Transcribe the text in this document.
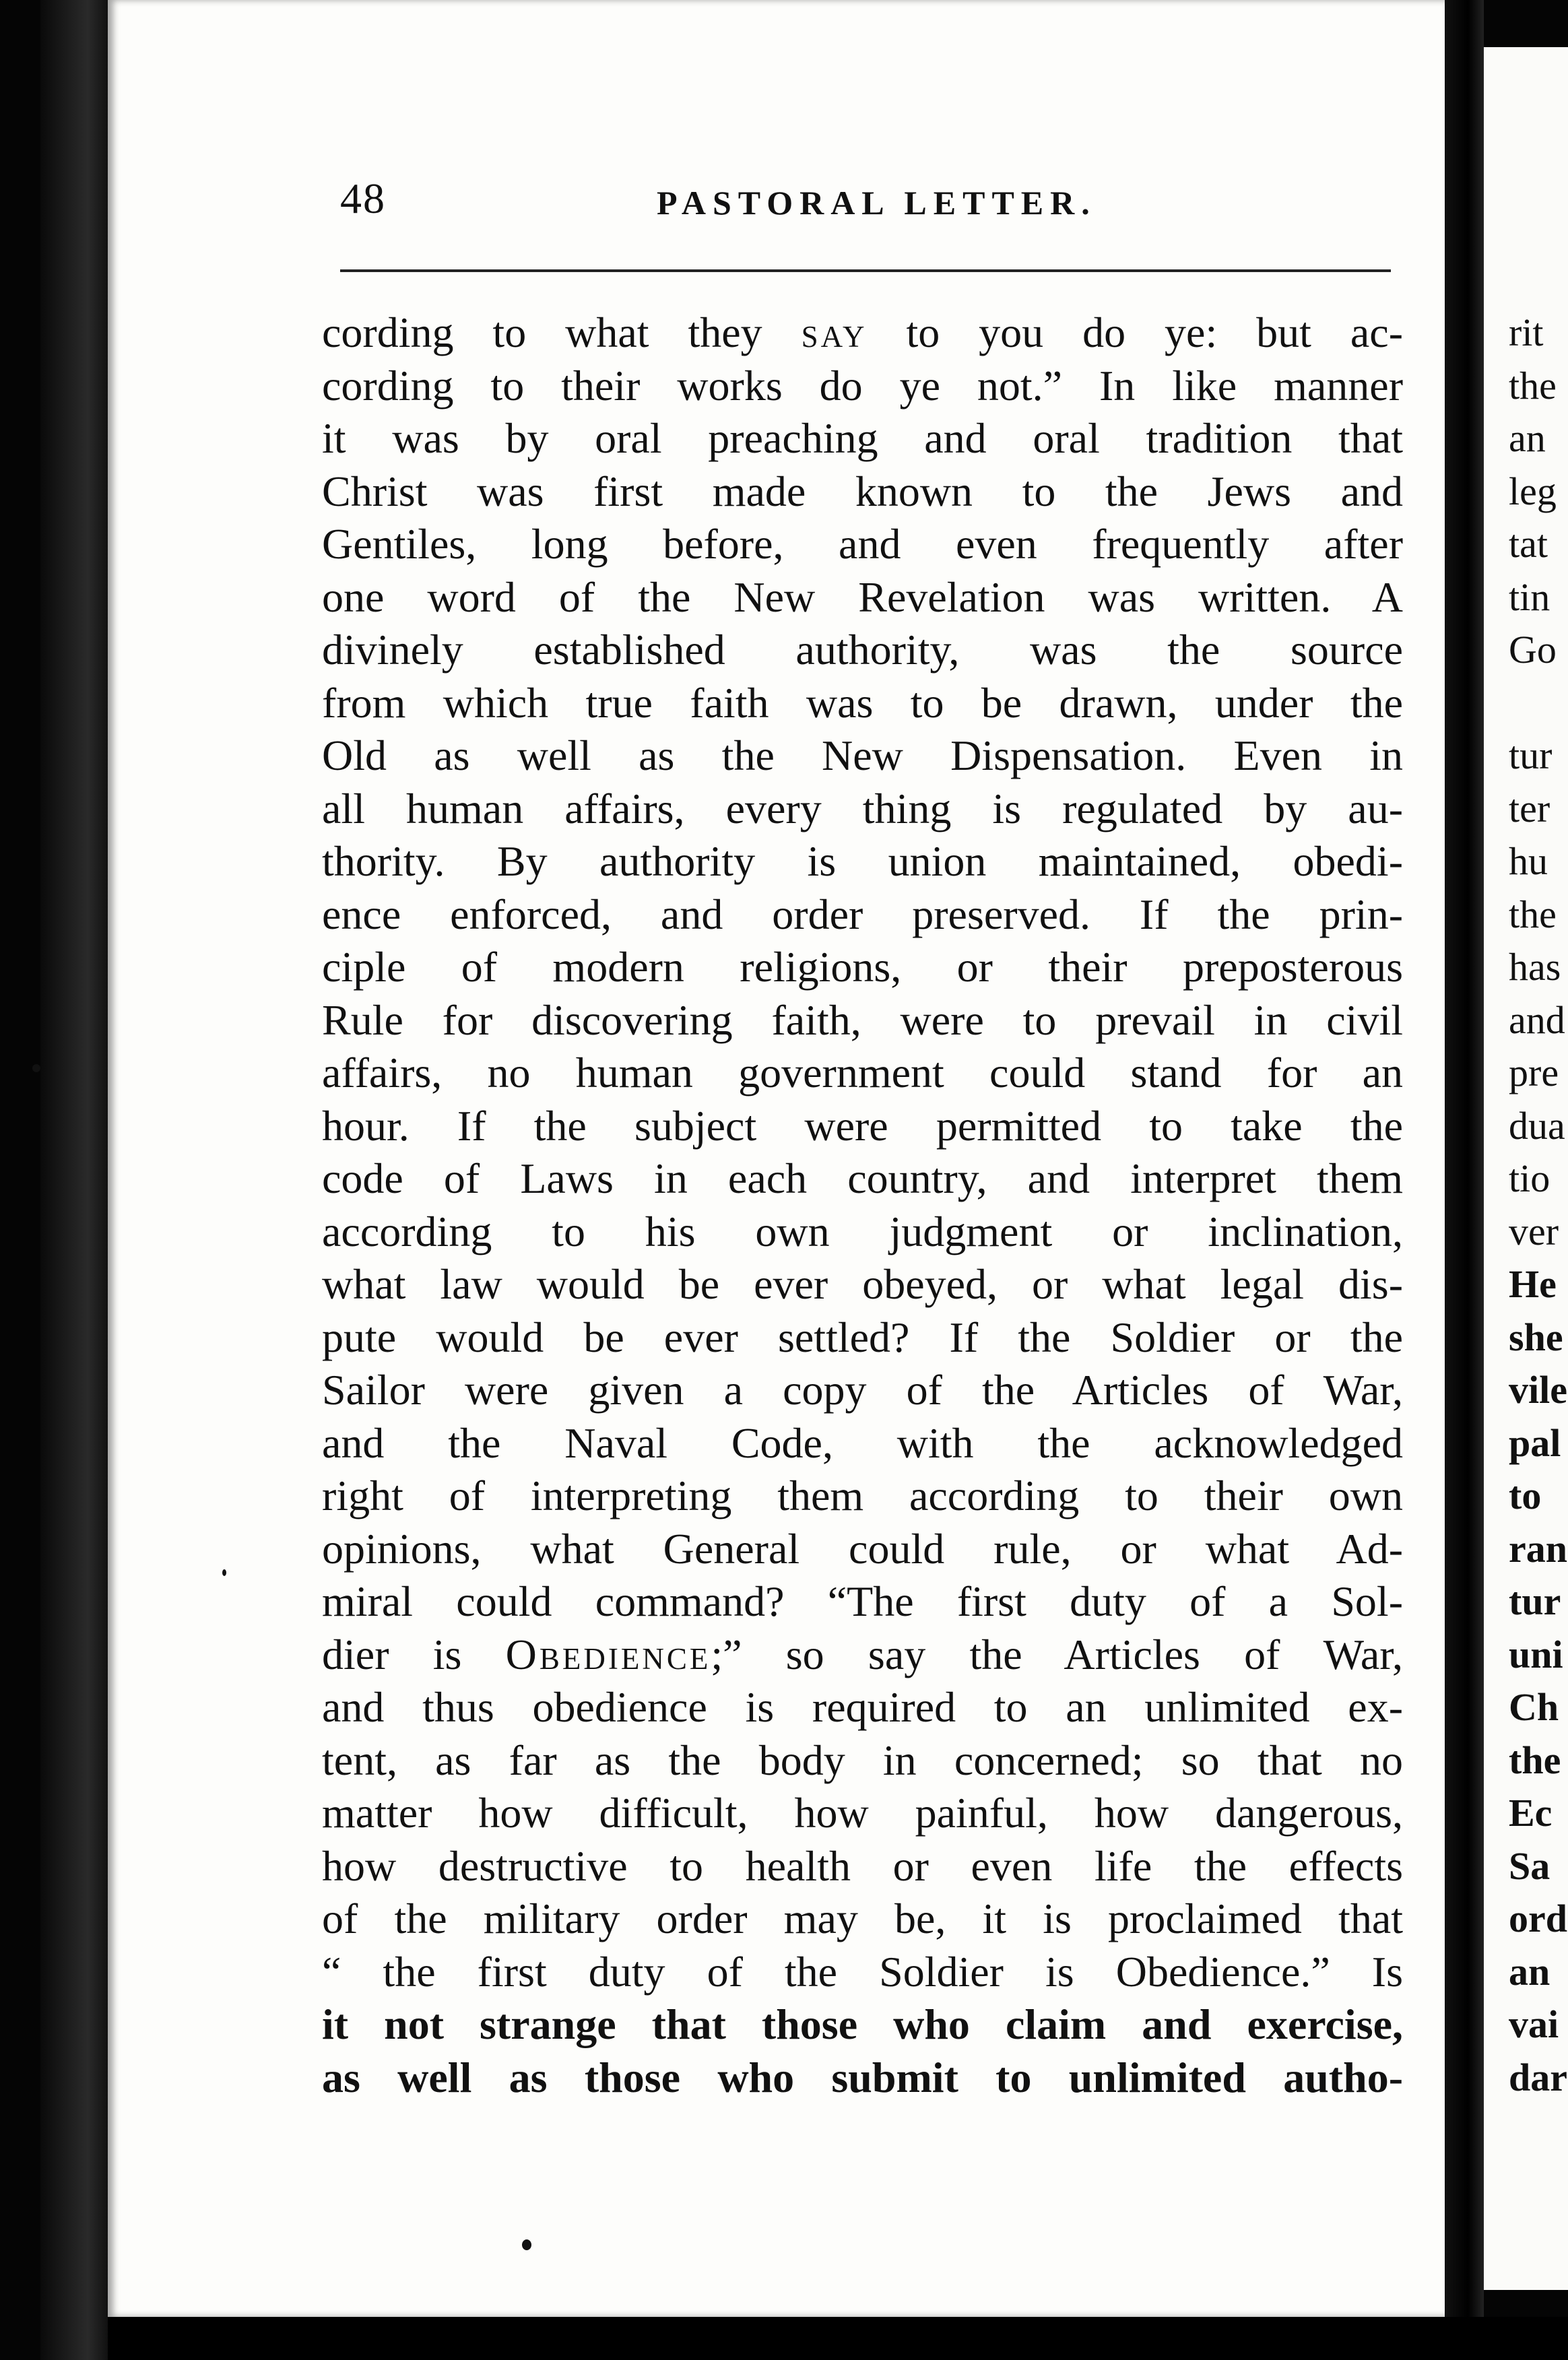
48	PASTORAL LETTER.
cording to what they say to you do ye: but ac-
cording to their works do ye not.” In like manner
it was by oral preaching and oral tradition that
Christ was first made known to the Jews and
Gentiles, long before, and even frequently after
one word of the New Revelation was written. A
divinely established authority, was the source
from which true faith was to be drawn, under the
Old as well as the New Dispensation. Even in
all human affairs, every thing is regulated by au-
thority. By authority is union maintained, obedi-
ence enforced, and order preserved. If the prin-
ciple of modern religions, or their preposterous
Rule for discovering faith, were to prevail in civil
affairs, no human government could stand for an
hour. If the subject were permitted to take the
code of Laws in each country, and interpret them
according to his own judgment or inclination,
what law would be ever obeyed, or what legal dis-
pute would be ever settled? If the Soldier or the
Sailor were given a copy of the Articles of War,
and the Naval Code, with the acknowledged
right of interpreting them according to their own
opinions, what General could rule, or what Ad-
miral could command? “The first duty of a Sol-
dier is Obedience;” so say the Articles of War,
and thus obedience is required to an unlimited ex-
tent, as far as the body in concerned; so that no
matter how difficult, how painful, how dangerous,
how destructive to health or even life the effects
of the military order may be, it is proclaimed that
“ the first duty of the Soldier is Obedience.” Is
it not strange that those who claim and exercise,
as well as those who submit to unlimited autho-
rit
the
an
leg
tat
tin
Go
tur
ter
hu
the
has
and
pre
dua
tio
ver
He
she
vile
pal
to
ran
tur
uni
Ch
the
Ec
Sa
ord
an
vai
dar
